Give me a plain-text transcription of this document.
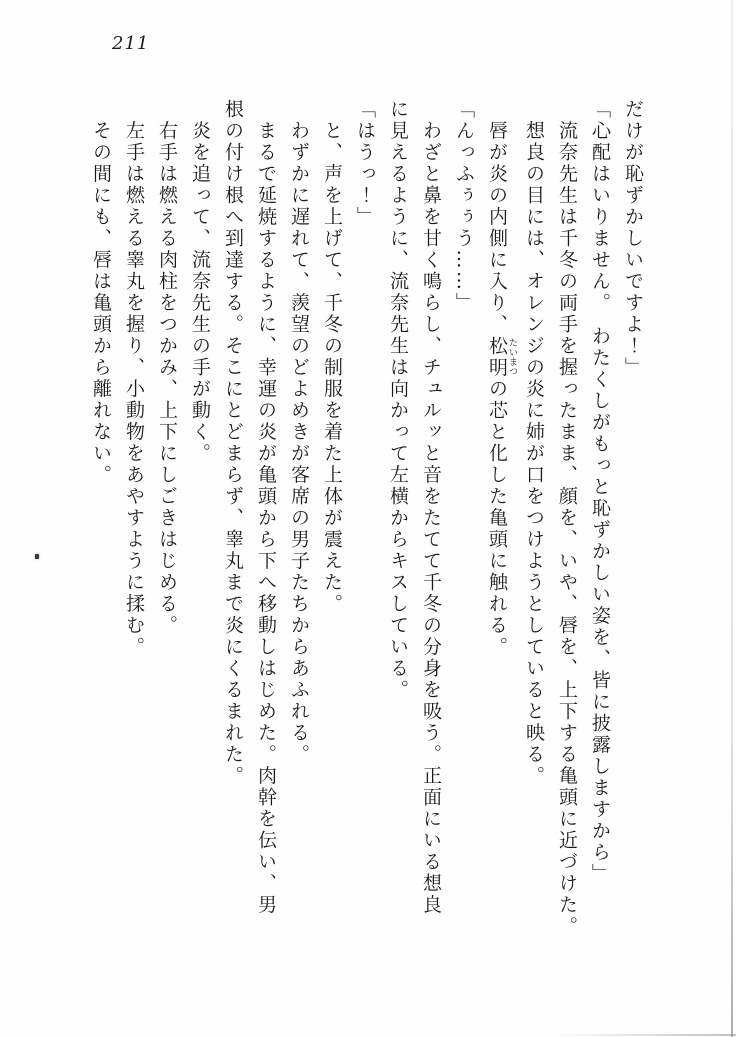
211

だけが恥ずかしいですよ！」

「心配はいりません。　わたくしがもっと恥ずかしい姿を、皆に披露しますから」

　流奈先生は千冬の両手を握ったまま、顔を、いや、唇を、上下する亀頭に近づけた。

　想良の目には、オレンジの炎に姉が口をつけようとしていると映る。

　唇が炎の内側に入り、松明 たいまつの芯と化した亀頭に触れる。

「んっふぅぅう……」

　わざと鼻を甘く鳴らし、チュルッと音をたてて千冬の分身を吸う。正面にいる想良

に見えるように、流奈先生は向かって左横からキスしている。

「はうっ！」

　と、声を上げて、千冬の制服を着た上体が震えた。

　わずかに遅れて、羨望のどよめきが客席の男子たちからあふれる。

　まるで延焼するように、幸運の炎が亀頭から下へ移動しはじめた。肉幹を伝い、男

根の付け根へ到達する。そこにとどまらず、睾丸まで炎にくるまれた。

　炎を追って、流奈先生の手が動く。

　右手は燃える肉柱をつかみ、上下にしごきはじめる。

　左手は燃える睾丸を握り、小動物をあやすように揉む。

　その間にも、唇は亀頭から離れない。
